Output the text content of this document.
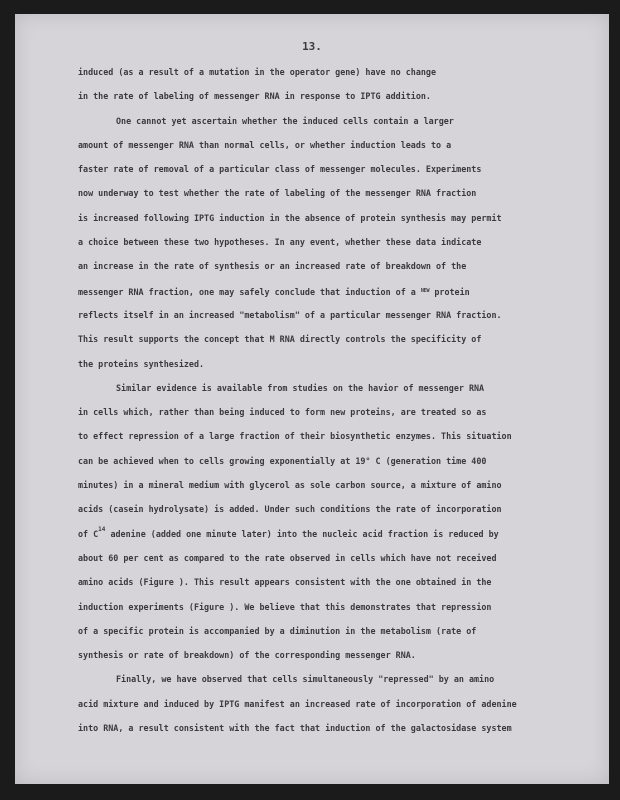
13.
induced (as a result of a mutation in the operator gene) have no change
in the rate of labeling of messenger RNA in response to IPTG addition.
One cannot yet ascertain whether the induced cells contain a larger
amount of messenger RNA than normal cells, or whether induction leads to a
faster rate of removal of a particular class of messenger molecules. Experiments
now underway to test whether the rate of labeling of the messenger RNA fraction
is increased following IPTG induction in the absence of protein synthesis may permit
a choice between these two hypotheses. In any event, whether these data indicate
an increase in the rate of synthesis or an increased rate of breakdown of the
messenger RNA fraction, one may safely conclude that induction of a $^{NEW}$ protein
reflects itself in an increased "metabolism" of a particular messenger RNA fraction.
This result supports the concept that M RNA directly controls the specificity of
the proteins synthesized.
Similar evidence is available from studies on the havior of messenger RNA
in cells which, rather than being induced to form new proteins, are treated so as
to effect repression of a large fraction of their biosynthetic enzymes. This situation
can be achieved when to cells growing exponentially at 19° C (generation time 400
minutes) in a mineral medium with glycerol as sole carbon source, a mixture of amino
acids (casein hydrolysate) is added. Under such conditions the rate of incorporation
of $C^{14}$ adenine (added one minute later) into the nucleic acid fraction is reduced by
about 60 per cent as compared to the rate observed in cells which have not received
amino acids (Figure ). This result appears consistent with the one obtained in the
induction experiments (Figure ). We believe that this demonstrates that repression
of a specific protein is accompanied by a diminution in the metabolism (rate of
synthesis or rate of breakdown) of the corresponding messenger RNA.
Finally, we have observed that cells simultaneously "repressed" by an amino
acid mixture and induced by IPTG manifest an increased rate of incorporation of adenine
into RNA, a result consistent with the fact that induction of the galactosidase system
